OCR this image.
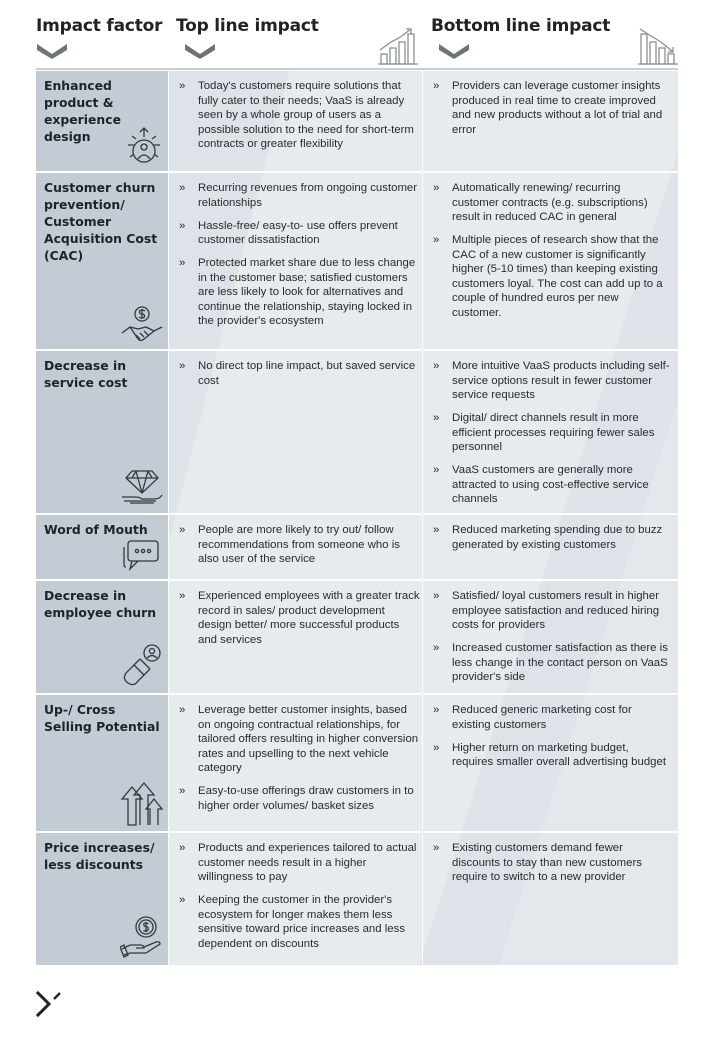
Impact factor Top line impact	Bottom line impact
Enhanced product & experience design
» Today's customers require solutions that fully cater to their needs; VaaS is already seen by a whole group of users as a possible solution to the need for short-term contracts or greater flexibility
» Providers can leverage customer insights produced in real time to create improved and new products without a lot of trial and error
Customer churn prevention/ Customer Acquisition Cost (CAC)
» Recurring revenues from ongoing customer relationships
» Hassle-free/ easy-to- use offers prevent customer dissatisfaction
» Protected market share due to less change in the customer base; satisfied customers are less likely to look for alternatives and continue the relationship, staying locked in the provider's ecosystem
» Automatically renewing/ recurring customer contracts (e.g. subscriptions) result in reduced CAC in general
» Multiple pieces of research show that the CAC of a new customer is significantly higher (5-10 times) than keeping existing customers loyal. The cost can add up to a couple of hundred euros per new customer.
Decrease in service cost
» No direct top line impact, but saved service cost
» More intuitive VaaS products including self-service options result in fewer customer service requests
» Digital/ direct channels result in more efficient processes requiring fewer sales personnel
» VaaS customers are generally more attracted to using cost-effective service channels
Word of Mouth
»	People are more likely to try out/ follow recommendations from someone who is also user of the service
» Reduced marketing spending due to buzz generated by existing customers
Decrease in employee churn
» Experienced employees with a greater track record in sales/ product development design better/ more successful products and services
» Satisfied/ loyal customers result in higher employee satisfaction and reduced hiring costs for providers
» Increased customer satisfaction as there is less change in the contact person on VaaS provider's side
Up-/ Cross Selling Potential
» Leverage better customer insights, based on ongoing contractual relationships, for tailored offers resulting in higher conversion rates and upselling to the next vehicle category
» Easy-to-use offerings draw customers in to higher order volumes/ basket sizes
» Reduced generic marketing cost for existing customers
» Higher return on marketing budget, requires smaller overall advertising budget
Price increases/ less discounts
» Products and experiences tailored to actual customer needs result in a higher willingness to pay
» Keeping the customer in the provider's ecosystem for longer makes them less sensitive toward price increases and less dependent on discounts
» Existing customers demand fewer discounts to stay than new customers require to switch to a new provider
